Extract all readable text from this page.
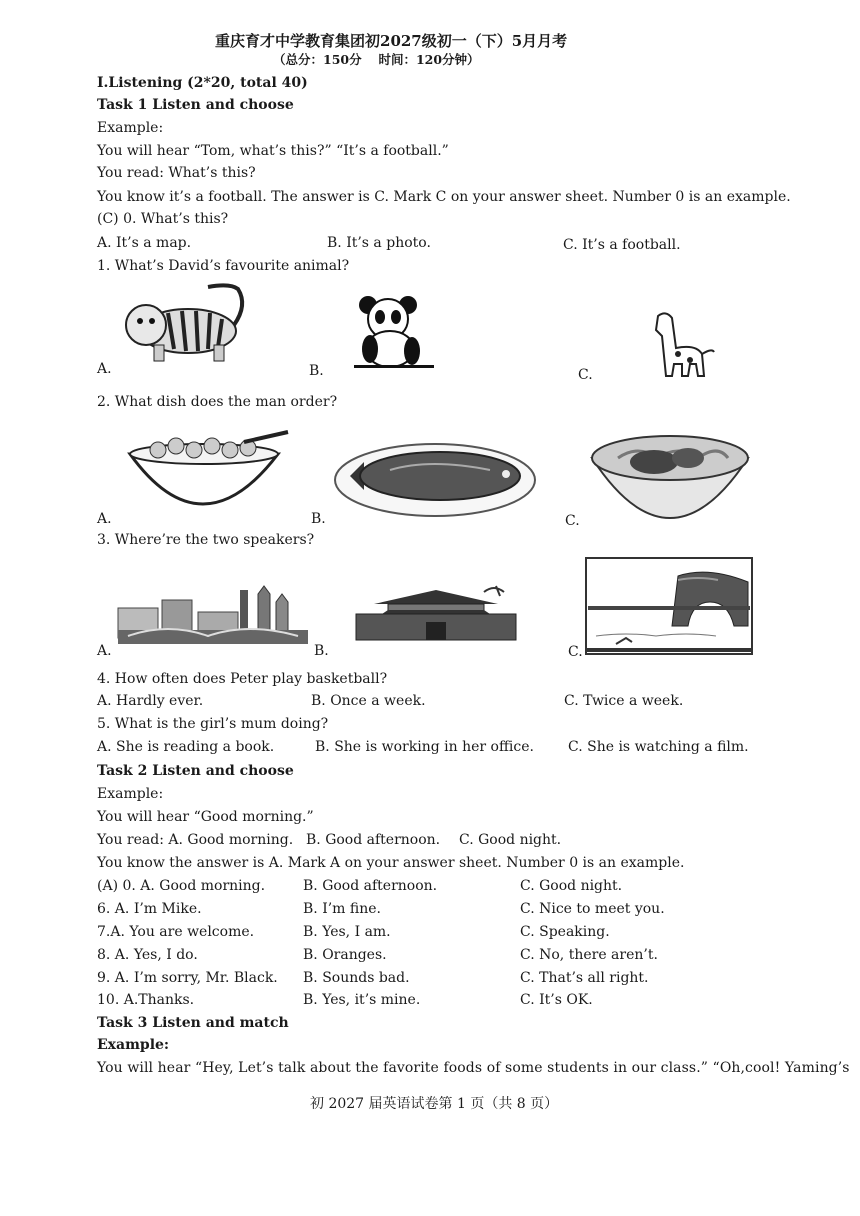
重庆育才中学教育集团初2027级初一（下）5月月考
（总分：150分　 时间：120分钟）
Ⅰ.Listening (2*20, total 40)
Task 1 Listen and choose
Example:
You will hear “Tom, what’s this?” “It’s a football.”
You read: What’s this?
You know it’s a football. The answer is C. Mark C on your answer sheet. Number 0 is an example.
(C) 0. What’s this?
A. It’s a map.	B. It’s a photo.	C. It’s a football.
1. What’s David’s favourite animal?
A.	B.	C.
2. What dish does the man order?
A.	B.	C.
3. Where’re the two speakers?
A.	B.	C.
4. How often does Peter play basketball?
A. Hardly ever.	B. Once a week.	C. Twice a week.
5. What is the girl’s mum doing?
A. She is reading a book.	B. She is working in her office. C. She is watching a film.
Task 2 Listen and choose
Example:
You will hear “Good morning.”
You read: A. Good morning. B. Good afternoon. C. Good night.
You know the answer is A. Mark A on your answer sheet. Number 0 is an example.
(A) 0. A. Good morning.	B. Good afternoon.	C. Good night.
6. A. I’m Mike.	B. I’m fine.	C. Nice to meet you.
7.A. You are welcome.	B. Yes, I am.	C. Speaking.
8. A. Yes, I do.	B. Oranges.	C. No, there aren’t.
9. A. I’m sorry, Mr. Black. B. Sounds bad.	C. That’s all right.
10. A.Thanks.	B. Yes, it’s mine.	C. It’s OK.
Task 3 Listen and match
Example:
You will hear “Hey, Let’s talk about the favorite foods of some students in our class.” “Oh,cool! Yaming’s
初 2027 届英语试卷第 1 页（共 8 页）
